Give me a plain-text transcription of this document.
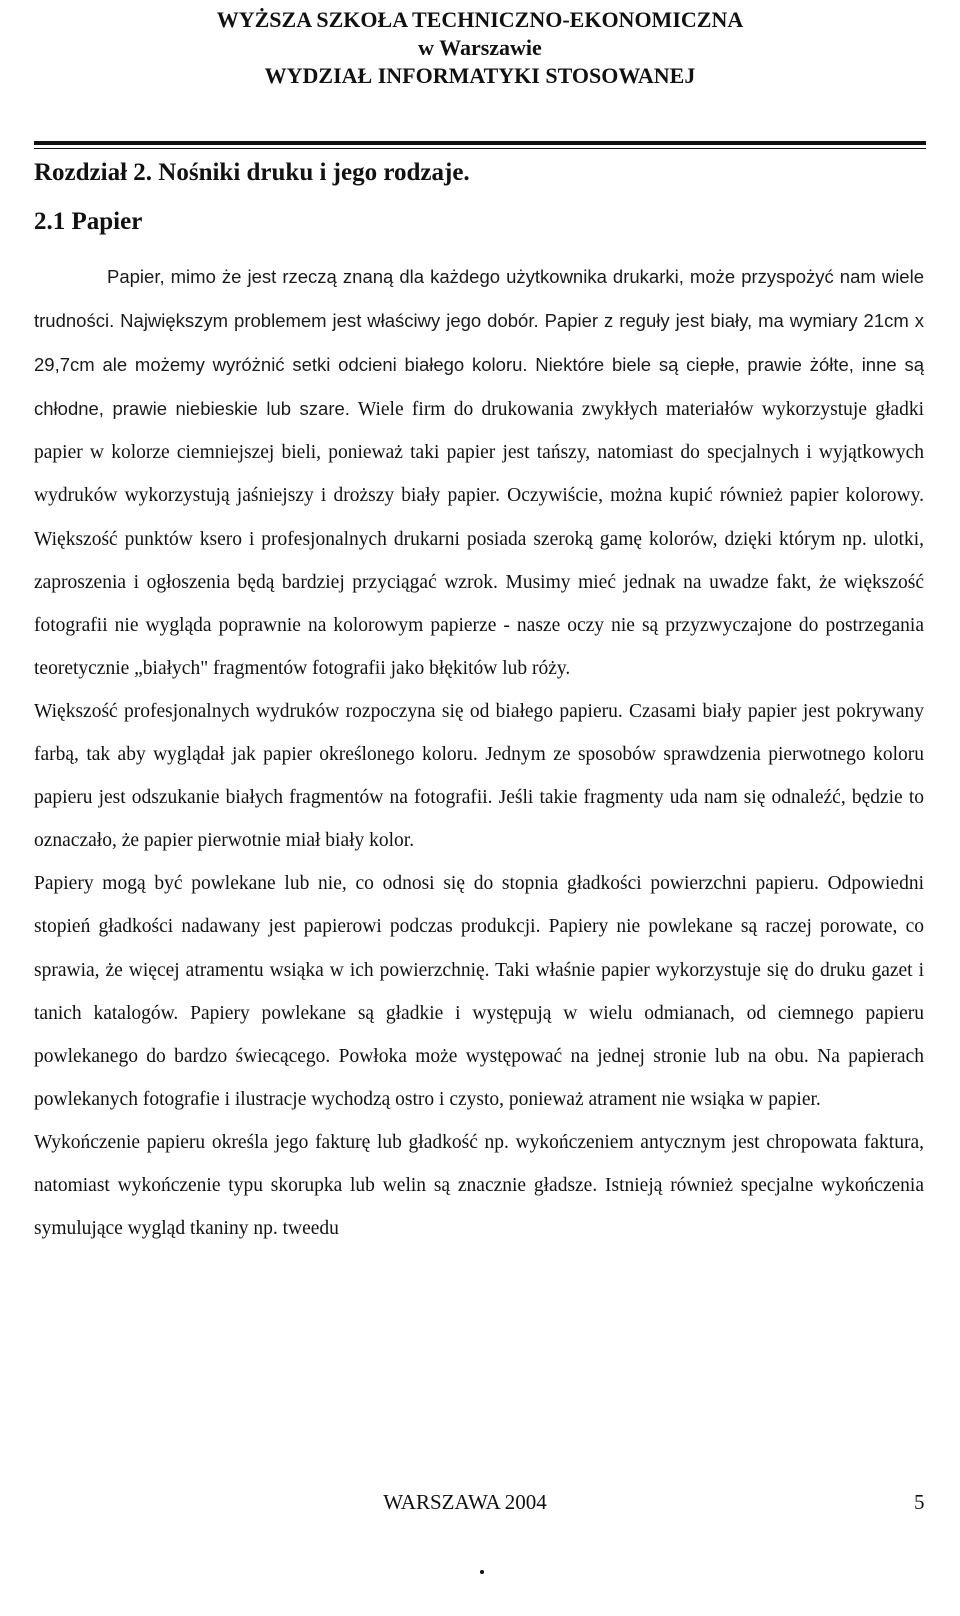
WYŻSZA SZKOŁA TECHNICZNO-EKONOMICZNA
w Warszawie
WYDZIAŁ INFORMATYKI STOSOWANEJ
Rozdział 2. Nośniki druku i jego rodzaje.
2.1 Papier

Papier, mimo że jest rzeczą znaną dla każdego użytkownika drukarki, może przyspożyć nam wiele trudności. Największym problemem jest właściwy jego dobór. Papier z reguły jest biały, ma wymiary 21cm x 29,7cm ale możemy wyróżnić setki odcieni białego koloru. Niektóre biele są ciepłe, prawie żółte, inne są chłodne, prawie niebieskie lub szare. Wiele firm do drukowania zwykłych materiałów wykorzystuje gładki papier w kolorze ciemniejszej bieli, ponieważ taki papier jest tańszy, natomiast do specjalnych i wyjątkowych wydruków wykorzystują jaśniejszy i droższy biały papier. Oczywiście, można kupić również papier kolorowy. Większość punktów ksero i profesjonalnych drukarni posiada szeroką gamę kolorów, dzięki którym np. ulotki, zaproszenia i ogłoszenia będą bardziej przyciągać wzrok. Musimy mieć jednak na uwadze fakt, że większość fotografii nie wygląda poprawnie na kolorowym papierze - nasze oczy nie są przyzwyczajone do postrzegania teoretycznie „białych" fragmentów fotografii jako błękitów lub róży.

Większość profesjonalnych wydruków rozpoczyna się od białego papieru. Czasami biały papier jest pokrywany farbą, tak aby wyglądał jak papier określonego koloru. Jednym ze sposobów sprawdzenia pierwotnego koloru papieru jest odszukanie białych fragmentów na fotografii. Jeśli takie fragmenty uda nam się odnaleźć, będzie to oznaczało, że papier pierwotnie miał biały kolor.

Papiery mogą być powlekane lub nie, co odnosi się do stopnia gładkości powierzchni papieru. Odpowiedni stopień gładkości nadawany jest papierowi podczas produkcji. Papiery nie powlekane są raczej porowate, co sprawia, że więcej atramentu wsiąka w ich powierzchnię. Taki właśnie papier wykorzystuje się do druku gazet i tanich katalogów. Papiery powlekane są gładkie i występują w wielu odmianach, od ciemnego papieru powlekanego do bardzo świecącego. Powłoka może występować na jednej stronie lub na obu. Na papierach powlekanych fotografie i ilustracje wychodzą ostro i czysto, ponieważ atrament nie wsiąka w papier.

Wykończenie papieru określa jego fakturę lub gładkość np. wykończeniem antycznym jest chropowata faktura, natomiast wykończenie typu skorupka lub welin są znacznie gładsze. Istnieją również specjalne wykończenia symulujące wygląd tkaniny np. tweedu

WARSZAWA 2004	5
